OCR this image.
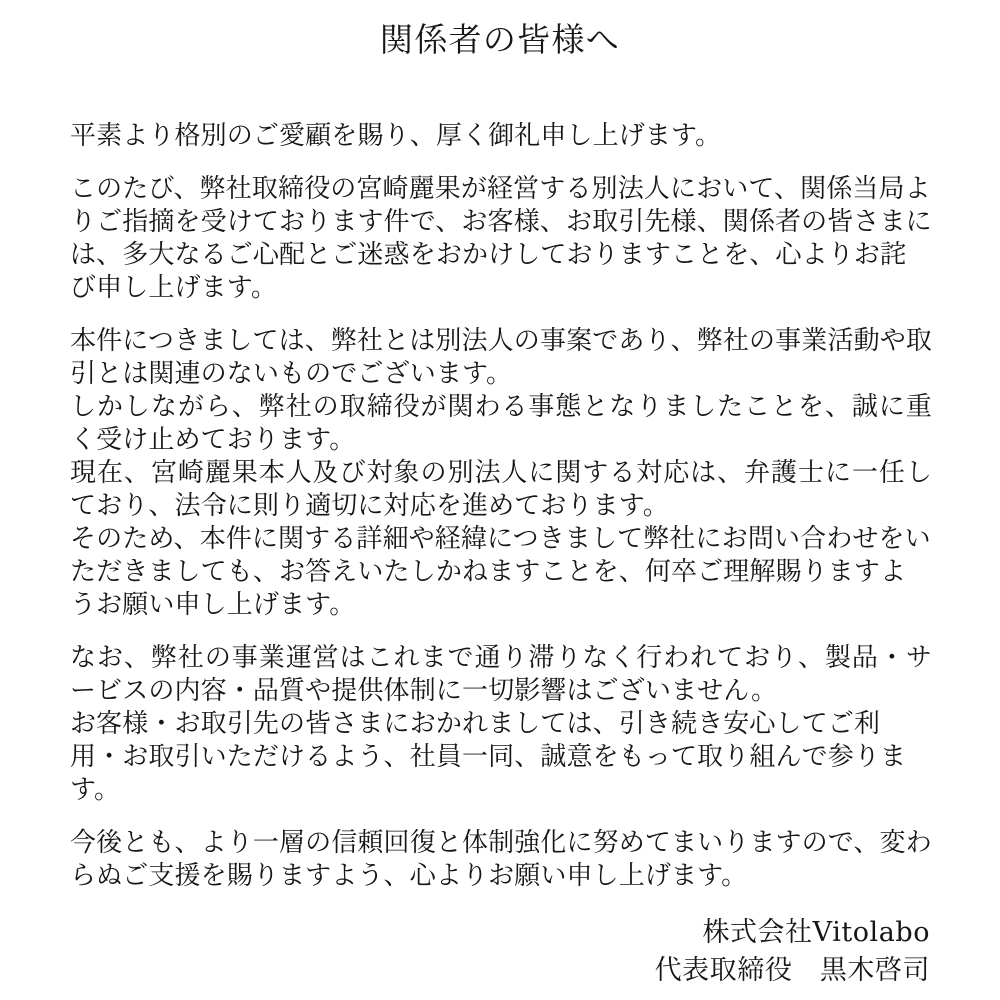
関係者の皆様へ
平素より格別のご愛顧を賜り、厚く御礼申し上げます。
このたび、弊社取締役の宮崎麗果が経営する別法人において、関係当局よりご指摘を受けております件で、お客様、お取引先様、関係者の皆さまには、多大なるご心配とご迷惑をおかけしておりますことを、心よりお詫び申し上げます。
本件につきましては、弊社とは別法人の事案であり、弊社の事業活動や取引とは関連のないものでございます。
しかしながら、弊社の取締役が関わる事態となりましたことを、誠に重く受け止めております。
現在、宮崎麗果本人及び対象の別法人に関する対応は、弁護士に一任しており、法令に則り適切に対応を進めております。
そのため、本件に関する詳細や経緯につきまして弊社にお問い合わせをいただきましても、お答えいたしかねますことを、何卒ご理解賜りますようお願い申し上げます。
なお、弊社の事業運営はこれまで通り滞りなく行われており、製品・サービスの内容・品質や提供体制に一切影響はございません。
お客様・お取引先の皆さまにおかれましては、引き続き安心してご利用・お取引いただけるよう、社員一同、誠意をもって取り組んで参ります。
今後とも、より一層の信頼回復と体制強化に努めてまいりますので、変わらぬご支援を賜りますよう、心よりお願い申し上げます。
株式会社Vitolabo
代表取締役　黒木啓司
